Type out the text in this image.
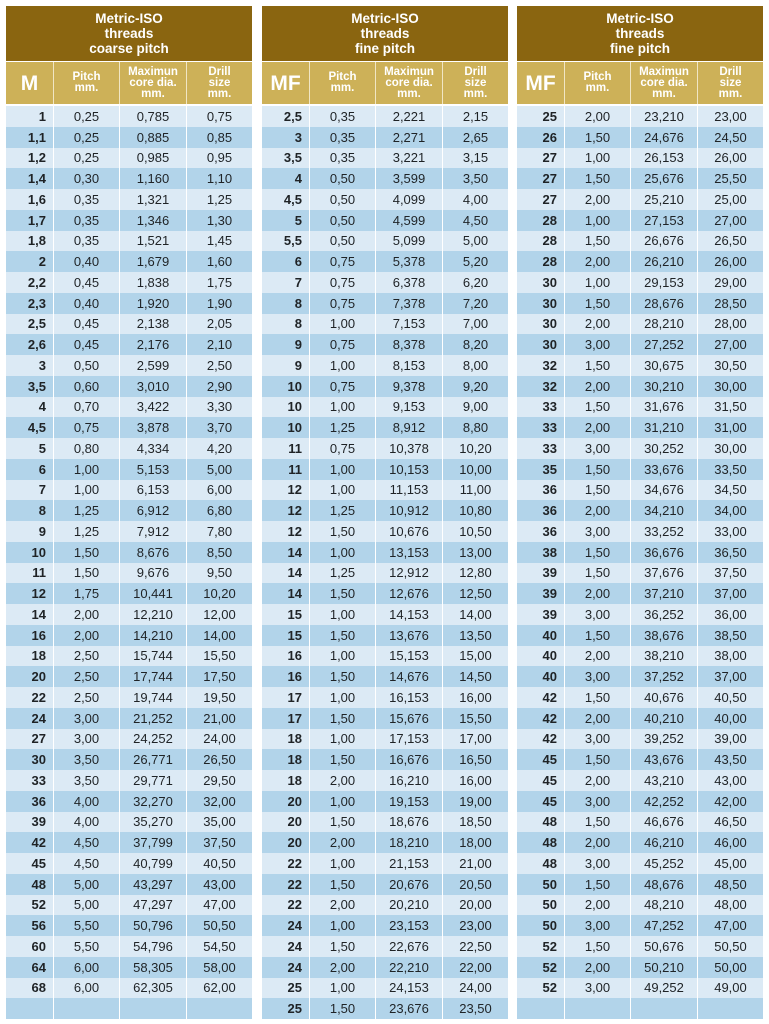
Metric-ISO
threads
coarse pitch
M	Pitch
mm.
Maximun
core dia.
mm.
Drill
size
mm.
1	0,25	0,785	0,75
1,1	0,25	0,885	0,85
1,2	0,25	0,985	0,95
1,4	0,30	1,160	1,10
1,6	0,35	1,321	1,25
1,7	0,35	1,346	1,30
1,8	0,35	1,521	1,45
2	0,40	1,679	1,60
2,2	0,45	1,838	1,75
2,3	0,40	1,920	1,90
2,5	0,45	2,138	2,05
2,6	0,45	2,176	2,10
3	0,50	2,599	2,50
3,5	0,60	3,010	2,90
4	0,70	3,422	3,30
4,5	0,75	3,878	3,70
5	0,80	4,334	4,20
6	1,00	5,153	5,00
7	1,00	6,153	6,00
8	1,25	6,912	6,80
9	1,25	7,912	7,80
10	1,50	8,676	8,50
11	1,50	9,676	9,50
12	1,75	10,441	10,20
14	2,00	12,210	12,00
16	2,00	14,210	14,00
18	2,50	15,744	15,50
20	2,50	17,744	17,50
22	2,50	19,744	19,50
24	3,00	21,252	21,00
27	3,00	24,252	24,00
30	3,50	26,771	26,50
33	3,50	29,771	29,50
36	4,00	32,270	32,00
39	4,00	35,270	35,00
42	4,50	37,799	37,50
45	4,50	40,799	40,50
48	5,00	43,297	43,00
52	5,00	47,297	47,00
56	5,50	50,796	50,50
60	5,50	54,796	54,50
64	6,00	58,305	58,00
68	6,00	62,305	62,00
Metric-ISO
threads
fine pitch
MF	Pitch
mm.
Maximun
core dia.
mm.
Drill
size
mm.
2,5	0,35	2,221	2,15
3	0,35	2,271	2,65
3,5	0,35	3,221	3,15
4	0,50	3,599	3,50
4,5	0,50	4,099	4,00
5	0,50	4,599	4,50
5,5	0,50	5,099	5,00
6	0,75	5,378	5,20
7	0,75	6,378	6,20
8	0,75	7,378	7,20
8	1,00	7,153	7,00
9	0,75	8,378	8,20
9	1,00	8,153	8,00
10	0,75	9,378	9,20
10	1,00	9,153	9,00
10	1,25	8,912	8,80
11	0,75	10,378	10,20
11	1,00	10,153	10,00
12	1,00	11,153	11,00
12	1,25	10,912	10,80
12	1,50	10,676	10,50
14	1,00	13,153	13,00
14	1,25	12,912	12,80
14	1,50	12,676	12,50
15	1,00	14,153	14,00
15	1,50	13,676	13,50
16	1,00	15,153	15,00
16	1,50	14,676	14,50
17	1,00	16,153	16,00
17	1,50	15,676	15,50
18	1,00	17,153	17,00
18	1,50	16,676	16,50
18	2,00	16,210	16,00
20	1,00	19,153	19,00
20	1,50	18,676	18,50
20	2,00	18,210	18,00
22	1,00	21,153	21,00
22	1,50	20,676	20,50
22	2,00	20,210	20,00
24	1,00	23,153	23,00
24	1,50	22,676	22,50
24	2,00	22,210	22,00
25	1,00	24,153	24,00
25	1,50	23,676	23,50
Metric-ISO
threads
fine pitch
MF	Pitch
mm.
Maximun
core dia.
mm.
Drill
size
mm.
25	2,00	23,210	23,00
26	1,50	24,676	24,50
27	1,00	26,153	26,00
27	1,50	25,676	25,50
27	2,00	25,210	25,00
28	1,00	27,153	27,00
28	1,50	26,676	26,50
28	2,00	26,210	26,00
30	1,00	29,153	29,00
30	1,50	28,676	28,50
30	2,00	28,210	28,00
30	3,00	27,252	27,00
32	1,50	30,675	30,50
32	2,00	30,210	30,00
33	1,50	31,676	31,50
33	2,00	31,210	31,00
33	3,00	30,252	30,00
35	1,50	33,676	33,50
36	1,50	34,676	34,50
36	2,00	34,210	34,00
36	3,00	33,252	33,00
38	1,50	36,676	36,50
39	1,50	37,676	37,50
39	2,00	37,210	37,00
39	3,00	36,252	36,00
40	1,50	38,676	38,50
40	2,00	38,210	38,00
40	3,00	37,252	37,00
42	1,50	40,676	40,50
42	2,00	40,210	40,00
42	3,00	39,252	39,00
45	1,50	43,676	43,50
45	2,00	43,210	43,00
45	3,00	42,252	42,00
48	1,50	46,676	46,50
48	2,00	46,210	46,00
48	3,00	45,252	45,00
50	1,50	48,676	48,50
50	2,00	48,210	48,00
50	3,00	47,252	47,00
52	1,50	50,676	50,50
52	2,00	50,210	50,00
52	3,00	49,252	49,00
